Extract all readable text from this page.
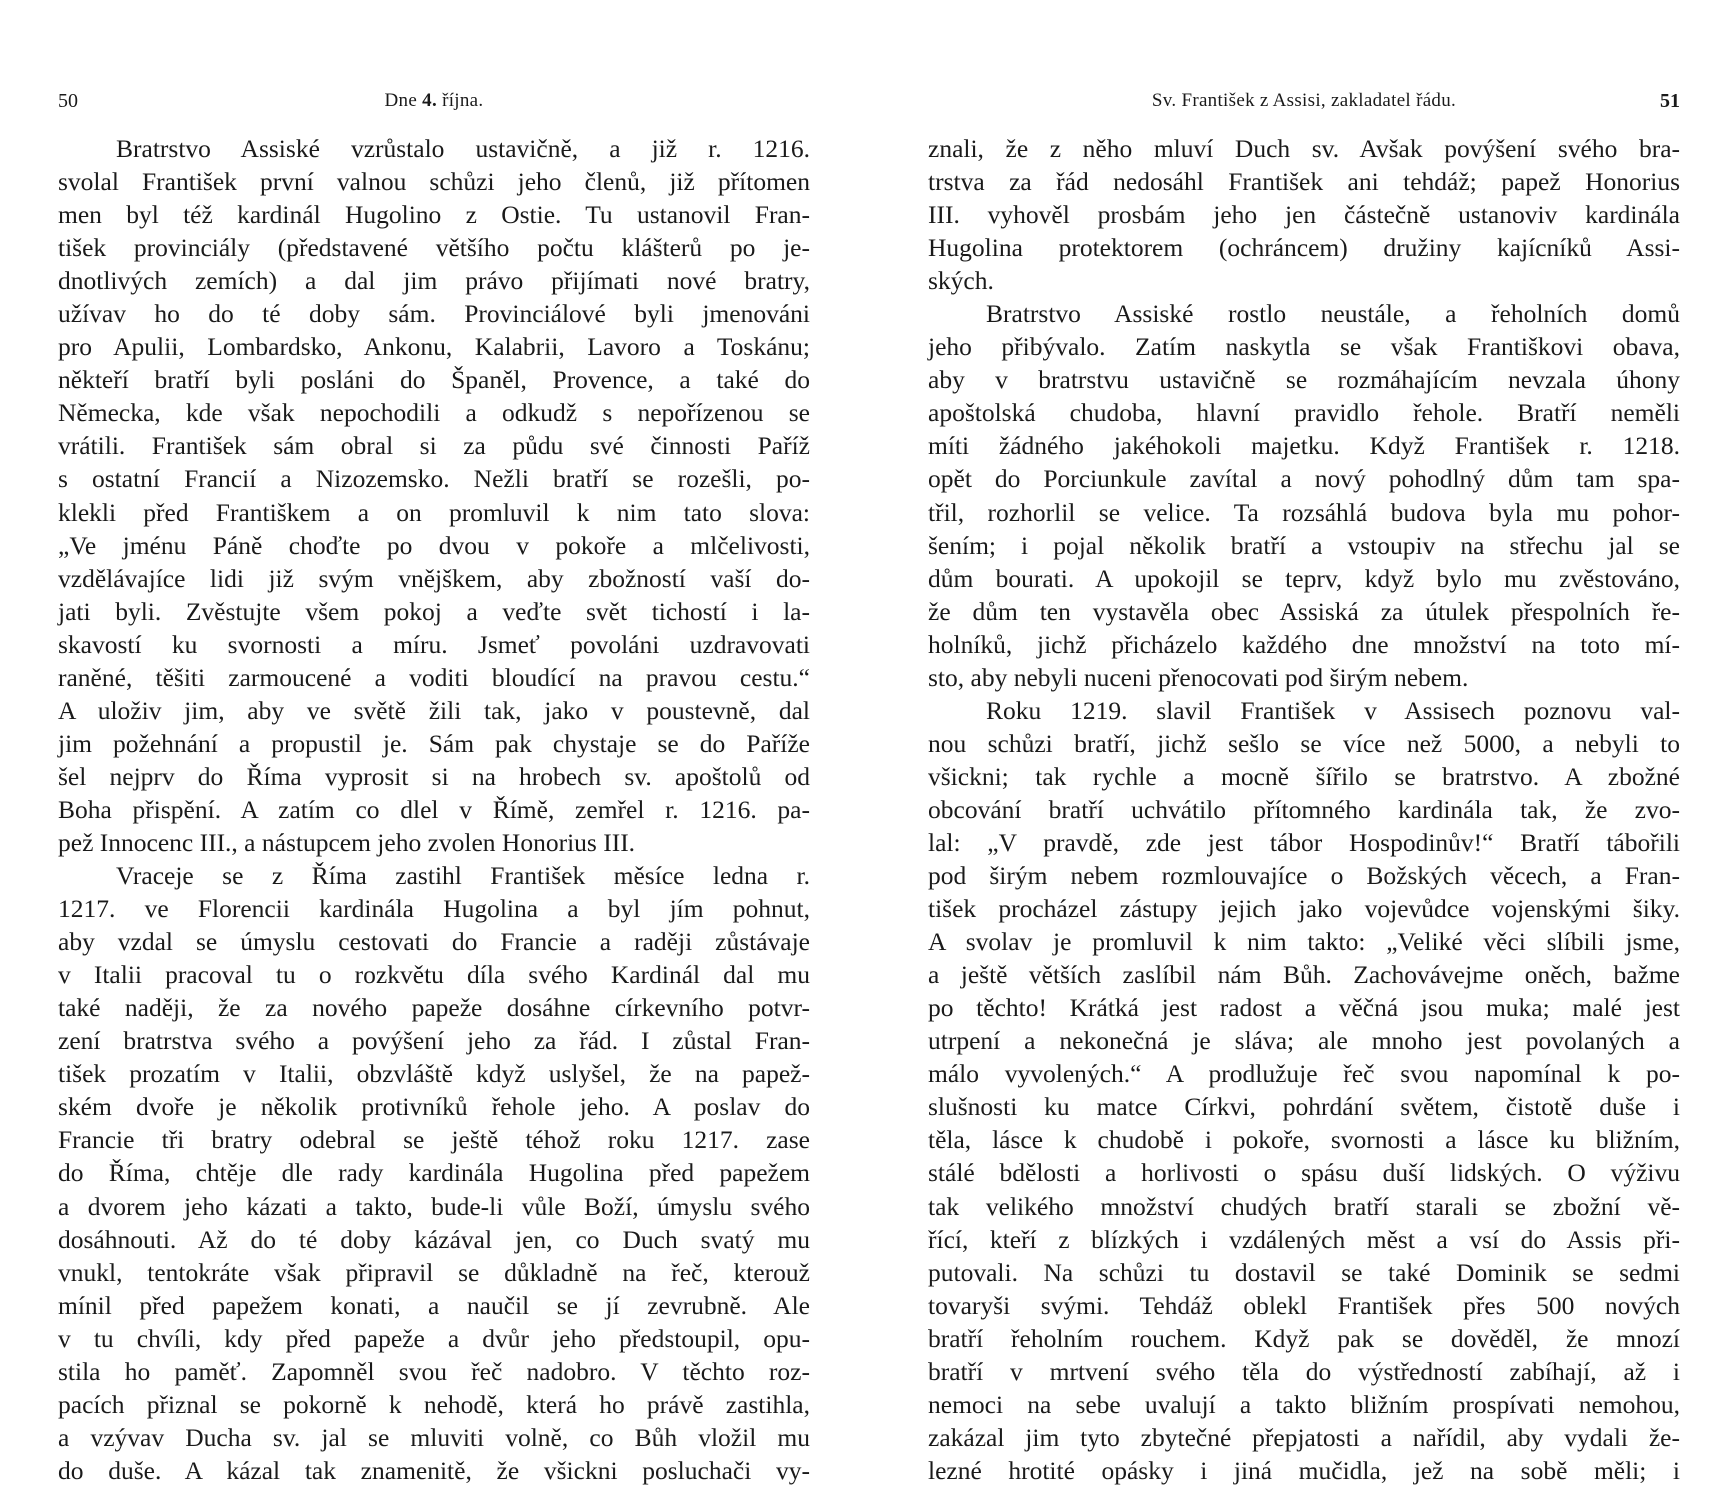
50	Dne 4. října.
Bratrstvo Assiské vzrůstalo ustavičně, a již r. 1216.
svolal František první valnou schůzi jeho členů, již přítomen
men byl též kardinál Hugolino z Ostie. Tu ustanovil Fran-
tišek provinciály (představené většího počtu klášterů po je-
dnotlivých zemích) a dal jim právo přijímati nové bratry,
užívav ho do té doby sám. Provinciálové byli jmenováni
pro Apulii, Lombardsko, Ankonu, Kalabrii, Lavoro a Toskánu;
někteří bratří byli posláni do Španěl, Provence, a také do
Německa, kde však nepochodili a odkudž s nepořízenou se
vrátili. František sám obral si za půdu své činnosti Paříž
s ostatní Francií a Nizozemsko. Nežli bratří se rozešli, po-
klekli před Františkem a on promluvil k nim tato slova:
„Ve jménu Páně choďte po dvou v pokoře a mlčelivosti,
vzdělávajíce lidi již svým vnějškem, aby zbožností vaší do-
jati byli. Zvěstujte všem pokoj a veďte svět tichostí i la-
skavostí ku svornosti a míru. Jsmeť povoláni uzdravovati
raněné, těšiti zarmoucené a voditi bloudící na pravou cestu.“
A uloživ jim, aby ve světě žili tak, jako v poustevně, dal
jim požehnání a propustil je. Sám pak chystaje se do Paříže
šel nejprv do Říma vyprosit si na hrobech sv. apoštolů od
Boha přispění. A zatím co dlel v Římě, zemřel r. 1216. pa-
pež Innocenc III., a nástupcem jeho zvolen Honorius III.
Vraceje se z Říma zastihl František měsíce ledna r.
1217. ve Florencii kardinála Hugolina a byl jím pohnut,
aby vzdal se úmyslu cestovati do Francie a raději zůstávaje
v Italii pracoval tu o rozkvětu díla svého Kardinál dal mu
také naději, že za nového papeže dosáhne církevního potvr-
zení bratrstva svého a povýšení jeho za řád. I zůstal Fran-
tišek prozatím v Italii, obzvláště když uslyšel, že na papež-
ském dvoře je několik protivníků řehole jeho. A poslav do
Francie tři bratry odebral se ještě téhož roku 1217. zase
do Říma, chtěje dle rady kardinála Hugolina před papežem
a dvorem jeho kázati a takto, bude-li vůle Boží, úmyslu svého
dosáhnouti. Až do té doby kázával jen, co Duch svatý mu
vnukl, tentokráte však připravil se důkladně na řeč, kterouž
mínil před papežem konati, a naučil se jí zevrubně. Ale
v tu chvíli, kdy před papeže a dvůr jeho předstoupil, opu-
stila ho paměť. Zapomněl svou řeč nadobro. V těchto roz-
pacích přiznal se pokorně k nehodě, která ho právě zastihla,
a vzývav Ducha sv. jal se mluviti volně, co Bůh vložil mu
do duše. A kázal tak znamenitě, že všickni posluchači vy-
Sv. František z Assisi, zakladatel řádu.	51
znali, že z něho mluví Duch sv. Avšak povýšení svého bra-
trstva za řád nedosáhl František ani tehdáž; papež Honorius
III. vyhověl prosbám jeho jen částečně ustanoviv kardinála
Hugolina protektorem (ochráncem) družiny kajícníků Assi-
ských.
Bratrstvo Assiské rostlo neustále, a řeholních domů
jeho přibývalo. Zatím naskytla se však Františkovi obava,
aby v bratrstvu ustavičně se rozmáhajícím nevzala úhony
apoštolská chudoba, hlavní pravidlo řehole. Bratří neměli
míti žádného jakéhokoli majetku. Když František r. 1218.
opět do Porciunkule zavítal a nový pohodlný dům tam spa-
třil, rozhorlil se velice. Ta rozsáhlá budova byla mu pohor-
šením; i pojal několik bratří a vstoupiv na střechu jal se
dům bourati. A upokojil se teprv, když bylo mu zvěstováno,
že dům ten vystavěla obec Assiská za útulek přespolních ře-
holníků, jichž přicházelo každého dne množství na toto mí-
sto, aby nebyli nuceni přenocovati pod širým nebem.
Roku 1219. slavil František v Assisech poznovu val-
nou schůzi bratří, jichž sešlo se více než 5000, a nebyli to
všickni; tak rychle a mocně šířilo se bratrstvo. A zbožné
obcování bratří uchvátilo přítomného kardinála tak, že zvo-
lal: „V pravdě, zde jest tábor Hospodinův!“ Bratří tábořili
pod širým nebem rozmlouvajíce o Božských věcech, a Fran-
tišek procházel zástupy jejich jako vojevůdce vojenskými šiky.
A svolav je promluvil k nim takto: „Veliké věci slíbili jsme,
a ještě větších zaslíbil nám Bůh. Zachovávejme oněch, bažme
po těchto! Krátká jest radost a věčná jsou muka; malé jest
utrpení a nekonečná je sláva; ale mnoho jest povolaných a
málo vyvolených.“ A prodlužuje řeč svou napomínal k po-
slušnosti ku matce Církvi, pohrdání světem, čistotě duše i
těla, lásce k chudobě i pokoře, svornosti a lásce ku bližním,
stálé bdělosti a horlivosti o spásu duší lidských. O výživu
tak velikého množství chudých bratří starali se zbožní vě-
řící, kteří z blízkých i vzdálených měst a vsí do Assis při-
putovali. Na schůzi tu dostavil se také Dominik se sedmi
tovaryši svými. Tehdáž oblekl František přes 500 nových
bratří řeholním rouchem. Když pak se dověděl, že mnozí
bratří v mrtvení svého těla do výstředností zabíhají, až i
nemoci na sebe uvalují a takto bližním prospívati nemohou,
zakázal jim tyto zbytečné přepjatosti a nařídil, aby vydali že-
lezné hrotité opásky i jiná mučidla, jež na sobě měli; i
